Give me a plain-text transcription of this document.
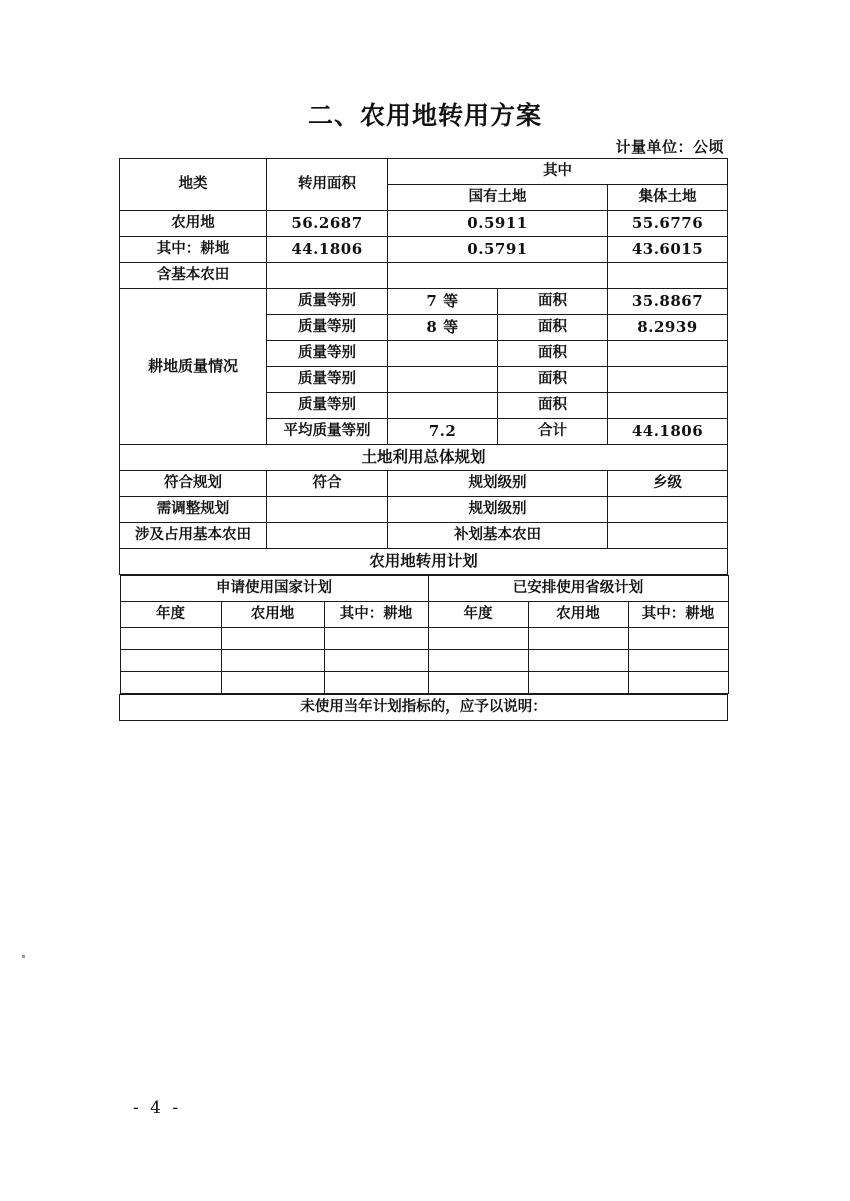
二、农用地转用方案
计量单位：公顷
地类	转用面积	其中
国有土地	集体土地
农用地	56.2687	0.5911	55.6776
其中：耕地	44.1806	0.5791	43.6015
含基本农田			
耕地质量情况	质量等别	7 等	面积	35.8867
质量等别	8 等	面积	8.2939
质量等别		面积	
质量等别		面积	
质量等别		面积	
平均质量等别	7.2	合计	44.1806
土地利用总体规划
符合规划	符合	规划级别	乡级
需调整规划		规划级别	
涉及占用基本农田		补划基本农田	
农用地转用计划

申请使用国家计划	已安排使用省级计划
年度	农用地	其中：耕地	年度	农用地	其中：耕地

未使用当年计划指标的，应予以说明：
- 4 -
